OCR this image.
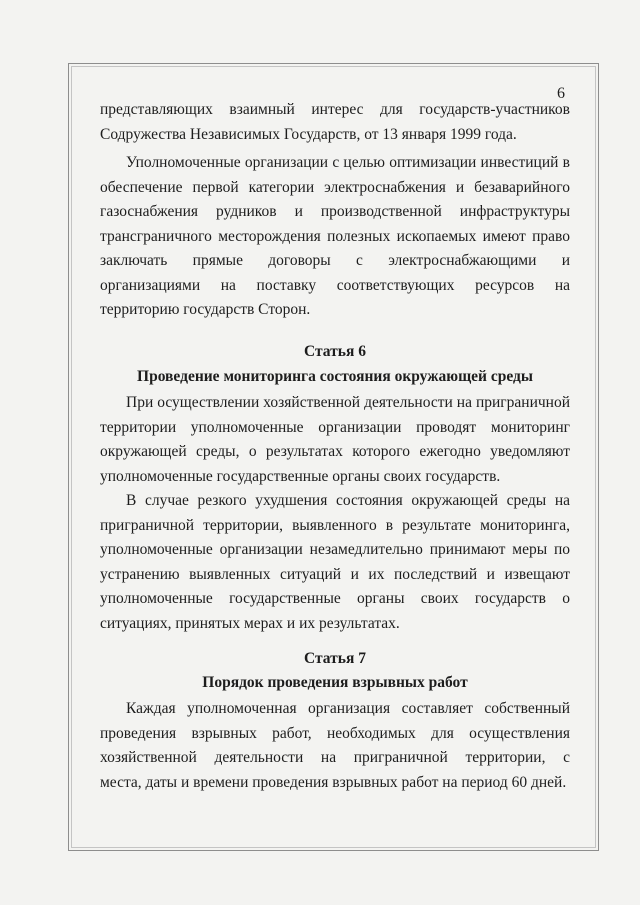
6
представляющих взаимный интерес для государств-участников
Содружества Независимых Государств, от 13 января 1999 года.
Уполномоченные организации с целью оптимизации инвестиций в
обеспечение первой категории электроснабжения и безаварийного
газоснабжения рудников и производственной инфраструктуры
трансграничного месторождения полезных ископаемых имеют право
заключать прямые договоры с электроснабжающими и
организациями на поставку соответствующих ресурсов на
территорию государств Сторон.
Статья 6
Проведение мониторинга состояния окружающей среды
При осуществлении хозяйственной деятельности на приграничной
территории уполномоченные организации проводят мониторинг
окружающей среды, о результатах которого ежегодно уведомляют
уполномоченные государственные органы своих государств.
В случае резкого ухудшения состояния окружающей среды на
приграничной территории, выявленного в результате мониторинга,
уполномоченные организации незамедлительно принимают меры по
устранению выявленных ситуаций и их последствий и извещают
уполномоченные государственные органы своих государств о
ситуациях, принятых мерах и их результатах.
Статья 7
Порядок проведения взрывных работ
Каждая уполномоченная организация составляет собственный
проведения взрывных работ, необходимых для осуществления
хозяйственной деятельности на приграничной территории, с
места, даты и времени проведения взрывных работ на период 60 дней.
